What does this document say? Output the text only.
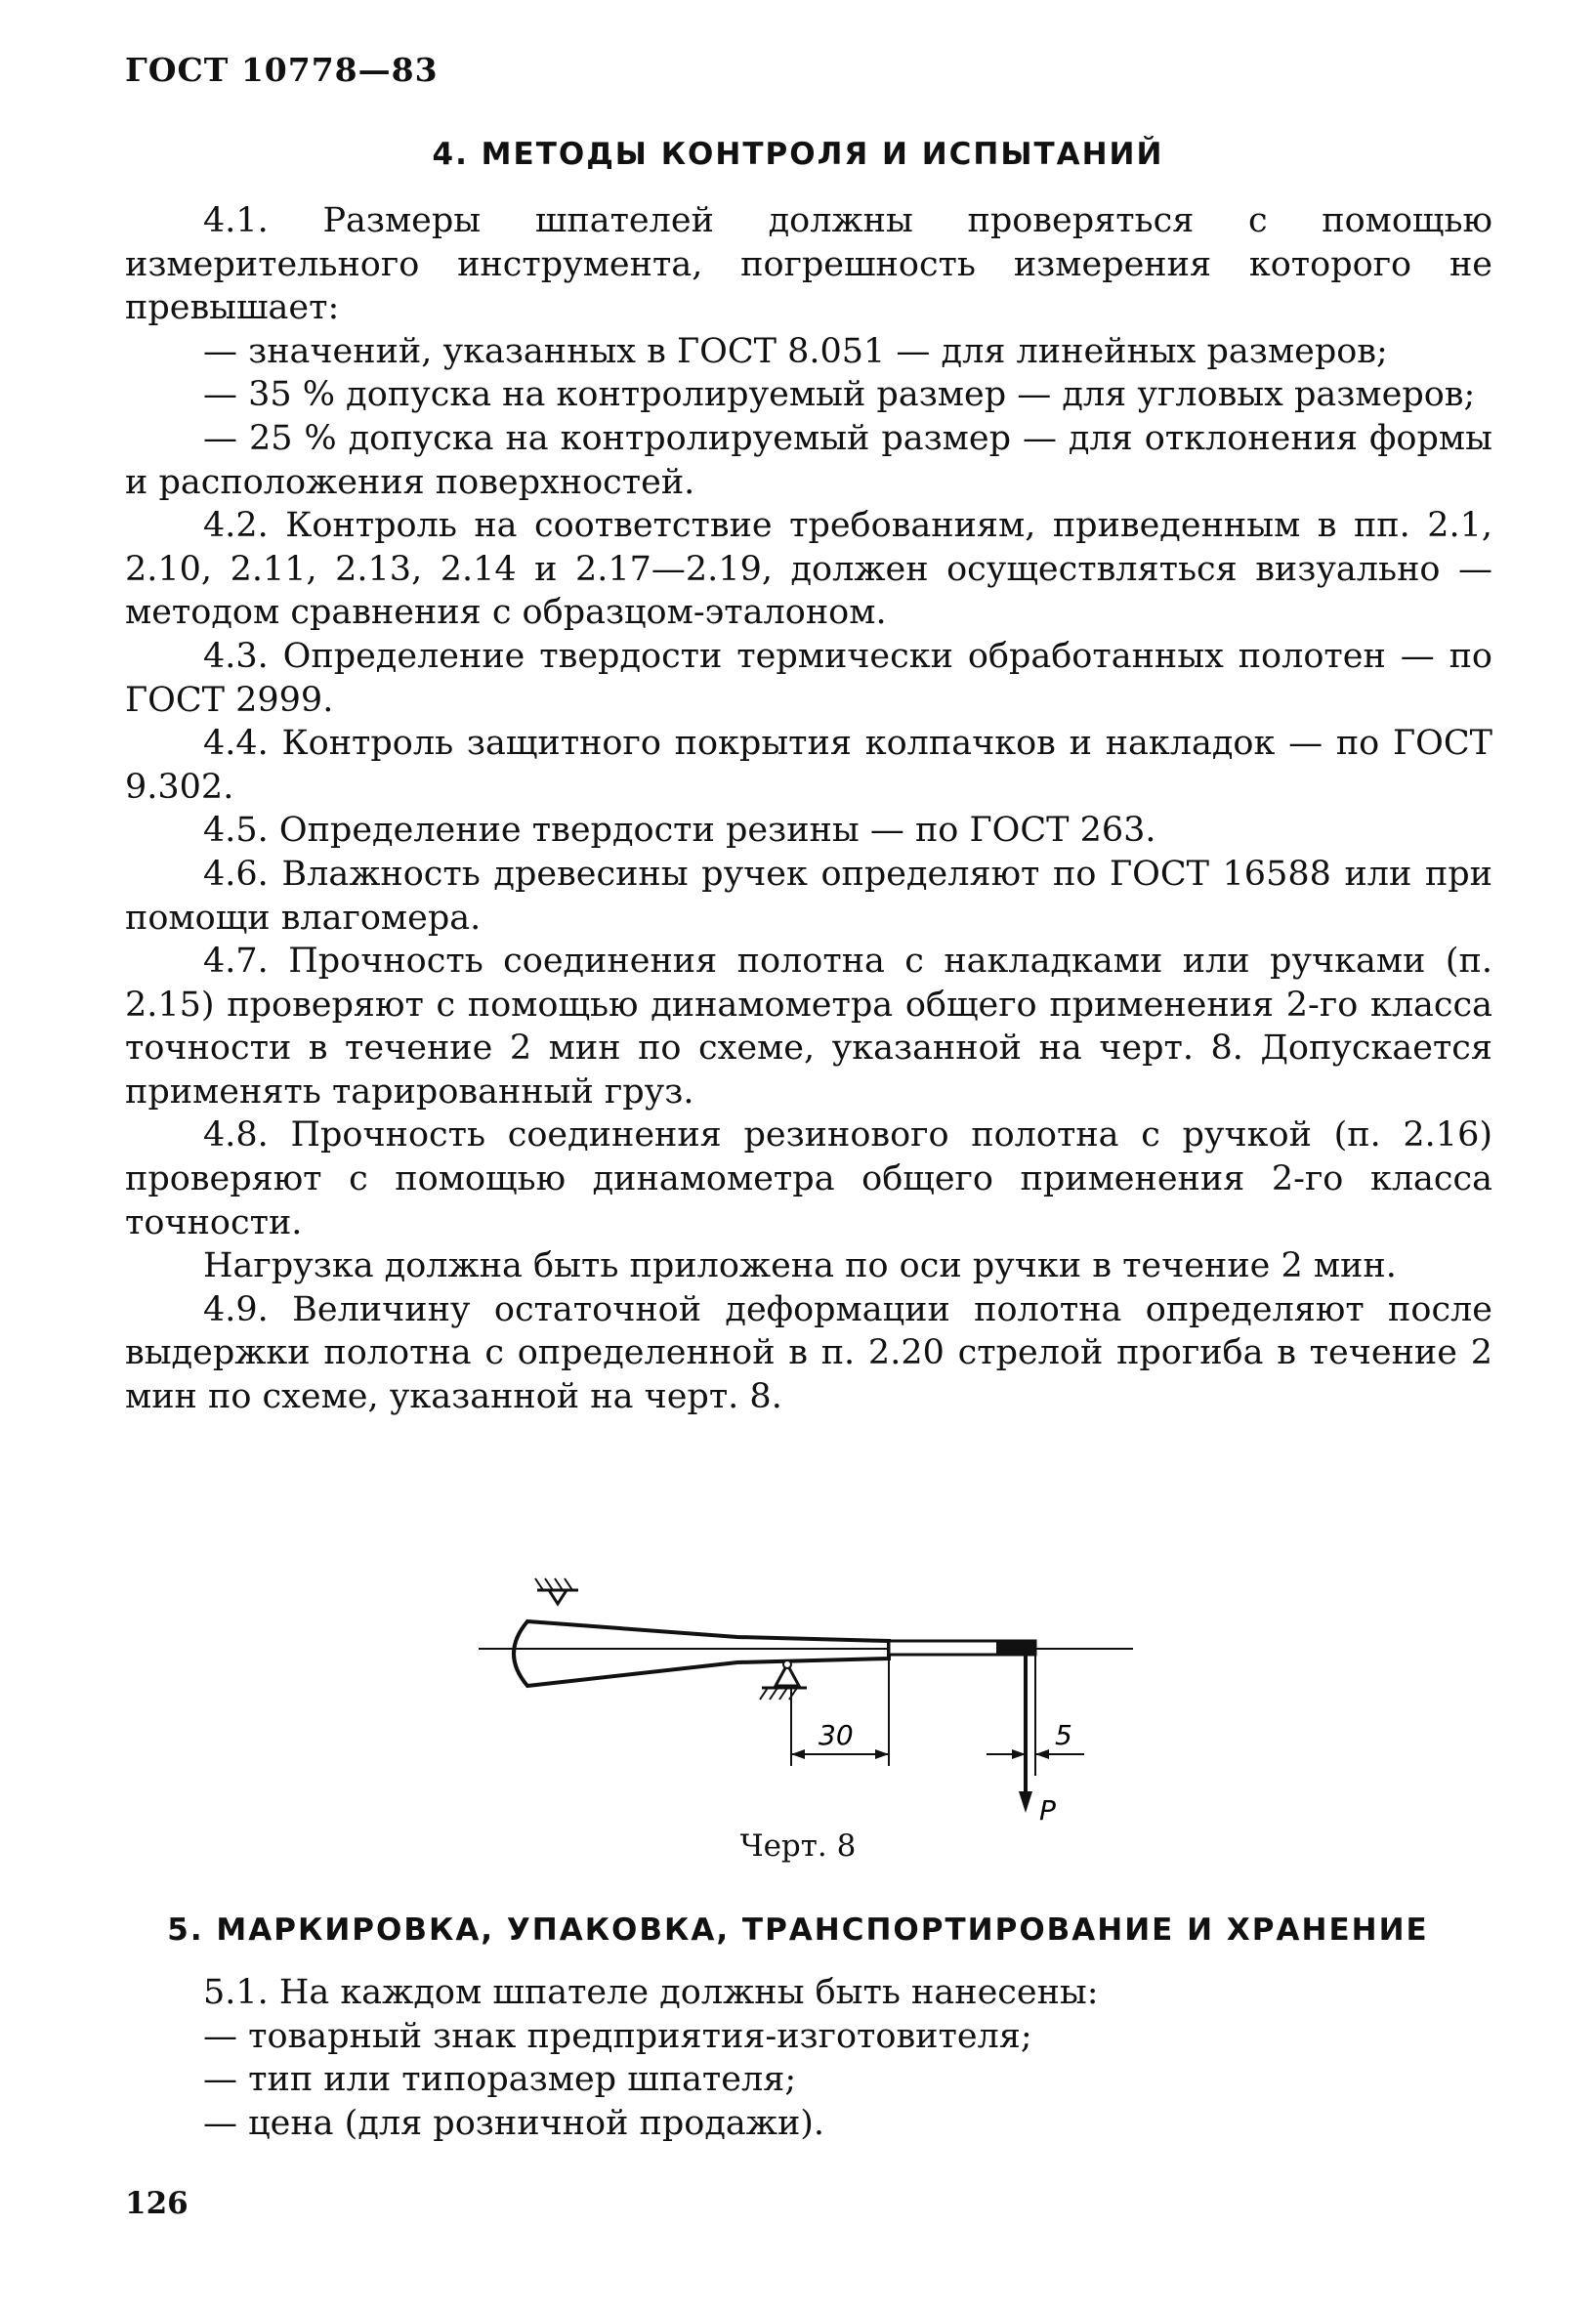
ГОСТ 10778—83

4. МЕТОДЫ КОНТРОЛЯ И ИСПЫТАНИЙ

4.1. Размеры шпателей должны проверяться с помощью измерительного инструмента, погрешность измерения которого не превышает:

— значений, указанных в ГОСТ 8.051 — для линейных размеров;

— 35 % допуска на контролируемый размер — для угловых размеров;

— 25 % допуска на контролируемый размер — для отклонения формы и расположения поверхностей.

4.2. Контроль на соответствие требованиям, приведенным в пп. 2.1, 2.10, 2.11, 2.13, 2.14 и 2.17—2.19, должен осуществляться визуально — методом сравнения с образцом-эталоном.

4.3. Определение твердости термически обработанных полотен — по ГОСТ 2999.

4.4. Контроль защитного покрытия колпачков и накладок — по ГОСТ 9.302.

4.5. Определение твердости резины — по ГОСТ 263.

4.6. Влажность древесины ручек определяют по ГОСТ 16588 или при помощи влагомера.

4.7. Прочность соединения полотна с накладками или ручками (п. 2.15) проверяют с помощью динамометра общего применения 2-го класса точности в течение 2 мин по схеме, указанной на черт. 8. Допускается применять тарированный груз.

4.8. Прочность соединения резинового полотна с ручкой (п. 2.16) проверяют с помощью динамометра общего применения 2-го класса точности.

Нагрузка должна быть приложена по оси ручки в течение 2 мин.

4.9. Величину остаточной деформации полотна определяют после выдержки полотна с определенной в п. 2.20 стрелой прогиба в течение 2 мин по схеме, указанной на черт. 8.

30
P
5

Черт. 8

5. МАРКИРОВКА, УПАКОВКА, ТРАНСПОРТИРОВАНИЕ И ХРАНЕНИЕ

5.1. На каждом шпателе должны быть нанесены:

— товарный знак предприятия-изготовителя;

— тип или типоразмер шпателя;

— цена (для розничной продажи).

126
